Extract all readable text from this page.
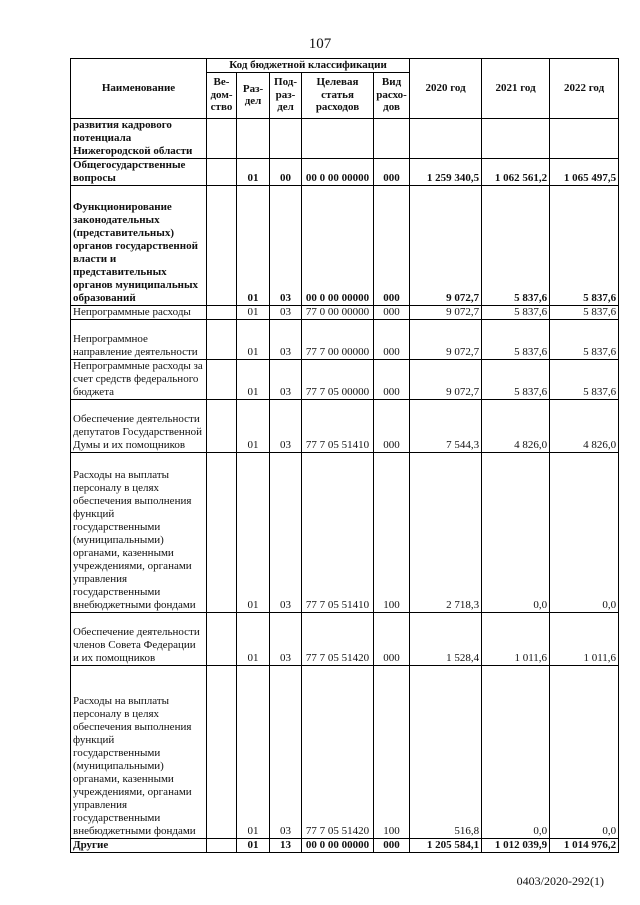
107
Наименование	Код бюджетной классификации					2020 год	2021 год	2022 год
	Ве-дом-ство	Раз-дел	Под-раз-дел	Целевая статья расходов	Вид расхо-дов			
развития кадрового потенциала Нижегородской области								
Общегосударственные вопросы		01	00	00 0 00 00000	000	1 259 340,5	1 062 561,2	1 065 497,5
Функционирование законодательных (представительных) органов государственной власти и представительных органов муниципальных образований		01	03	00 0 00 00000	000	9 072,7	5 837,6	5 837,6
Непрограммные расходы		01	03	77 0 00 00000	000	9 072,7	5 837,6	5 837,6
Непрограммное направление деятельности		01	03	77 7 00 00000	000	9 072,7	5 837,6	5 837,6
Непрограммные расходы за счет средств федерального бюджета		01	03	77 7 05 00000	000	9 072,7	5 837,6	5 837,6
Обеспечение деятельности депутатов Государственной Думы и их помощников		01	03	77 7 05 51410	000	7 544,3	4 826,0	4 826,0
Расходы на выплаты персоналу в целях обеспечения выполнения функций государственными (муниципальными) органами, казенными учреждениями, органами управления государственными внебюджетными фондами		01	03	77 7 05 51410	100	2 718,3	0,0	0,0
Обеспечение деятельности членов Совета Федерации и их помощников		01	03	77 7 05 51420	000	1 528,4	1 011,6	1 011,6
Расходы на выплаты персоналу в целях обеспечения выполнения функций государственными (муниципальными) органами, казенными учреждениями, органами управления государственными внебюджетными фондами		01	03	77 7 05 51420	100	516,8	0,0	0,0
Другие		01	13	00 0 00 00000	000	1 205 584,1	1 012 039,9	1 014 976,2
0403/2020-292(1)
